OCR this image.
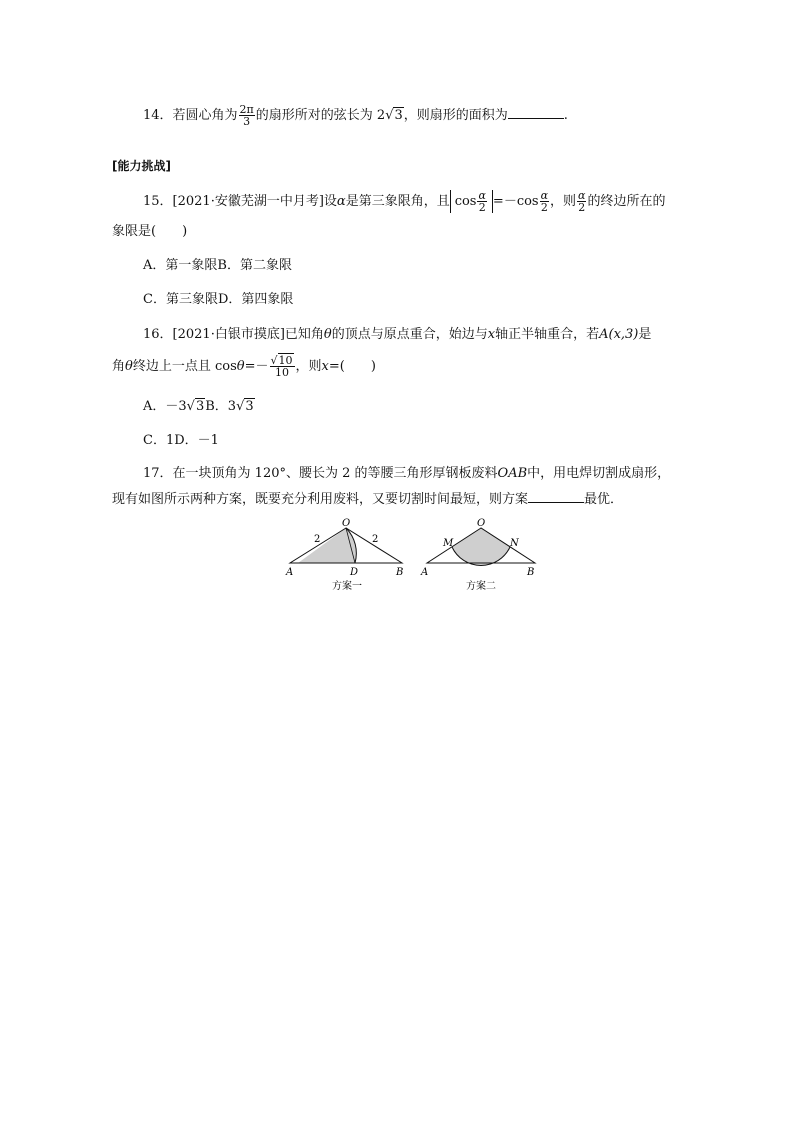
14．若圆心角为 $\frac{2\pi}{3}$ 的扇形所对的弦长为 2√3，则扇形的面积为	.
[能力挑战]
15．[2021·安徽芜湖一中月考]设α是第三象限角，且 $\cos \frac{\alpha}{2} =-\cos \frac{\alpha}{2}$ ，则 $\frac{\alpha}{2}$ 的终边所在的
象限是(　　)
A．第一象限B．第二象限
C．第三象限D．第四象限
16．[2021·白银市摸底]已知角θ的顶点与原点重合，始边与x轴正半轴重合，若A(x,3)是
角θ终边上一点且 $\cos\theta=- \frac{√10}{10}$ ，则x=(　　)
A．－3√3B．3√3
C．1D．－1
17．在一块顶角为 120°、腰长为 2 的等腰三角形厚钢板废料OAB中，用电焊切割成扇形，
现有如图所示两种方案，既要充分利用废料，又要切割时间最短，则方案	最优．
O
A	B
D
2	2
方案一
O
M	N
A	B
方案二
